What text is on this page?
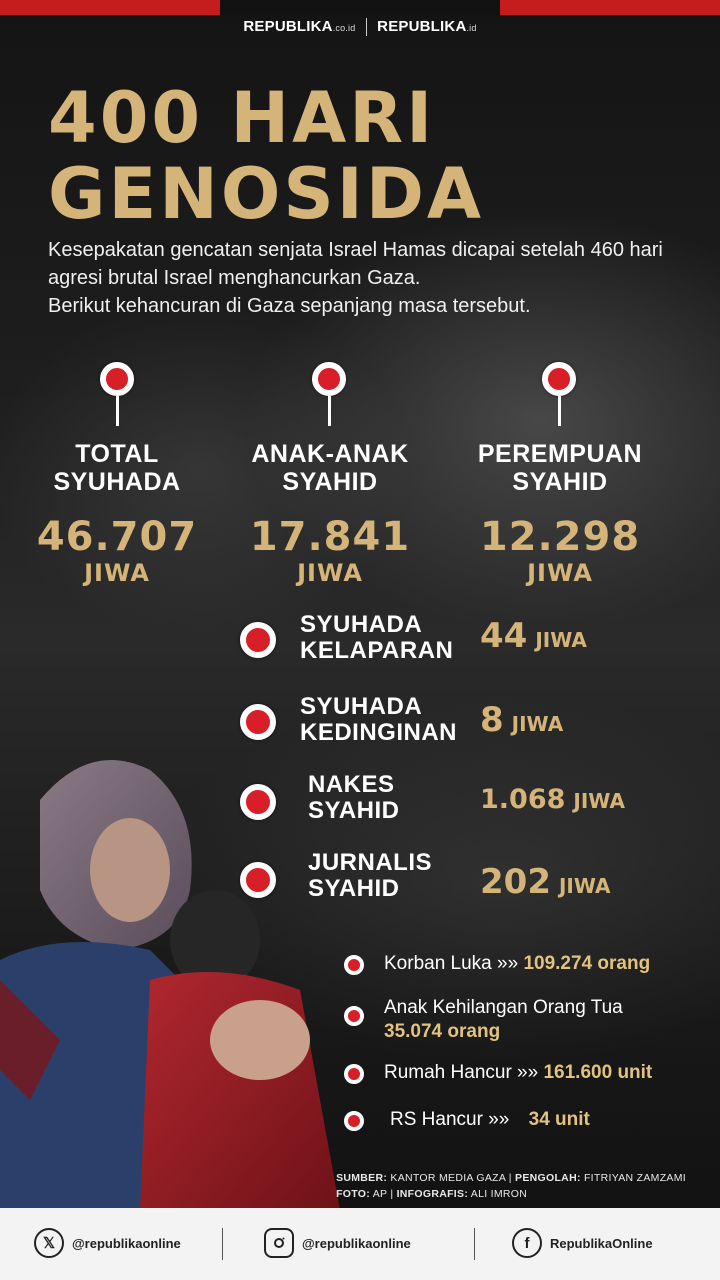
REPUBLIKA.co.id REPUBLIKA.id
400 HARI
GENOSIDA

Kesepakatan gencatan senjata Israel Hamas dicapai setelah 460 hari

agresi brutal Israel menghancurkan Gaza.

Berikut kehancuran di Gaza sepanjang masa tersebut.

TOTAL
SYUHADA
46.707
JIWA
ANAK-ANAK
SYAHID
17.841
JIWA
PEREMPUAN
SYAHID
12.298
JIWA
SYUHADA
KELAPARAN 44 JIWA
SYUHADA
KEDINGINAN 8 JIWA
NAKES
SYAHID	1.068 JIWA
JURNALIS
SYAHID	202 JIWA
Korban Luka »» 109.274 orang
Anak Kehilangan Orang Tua
35.074 orang
Rumah Hancur »» 161.600 unit
RS Hancur »» 34 unit
SUMBER: KANTOR MEDIA GAZA | PENGOLAH: FITRIYAN ZAMZAMI
FOTO: AP | INFOGRAFIS: ALI IMRON
𝕏	@republikaonline	@republikaonline	f	RepublikaOnline
